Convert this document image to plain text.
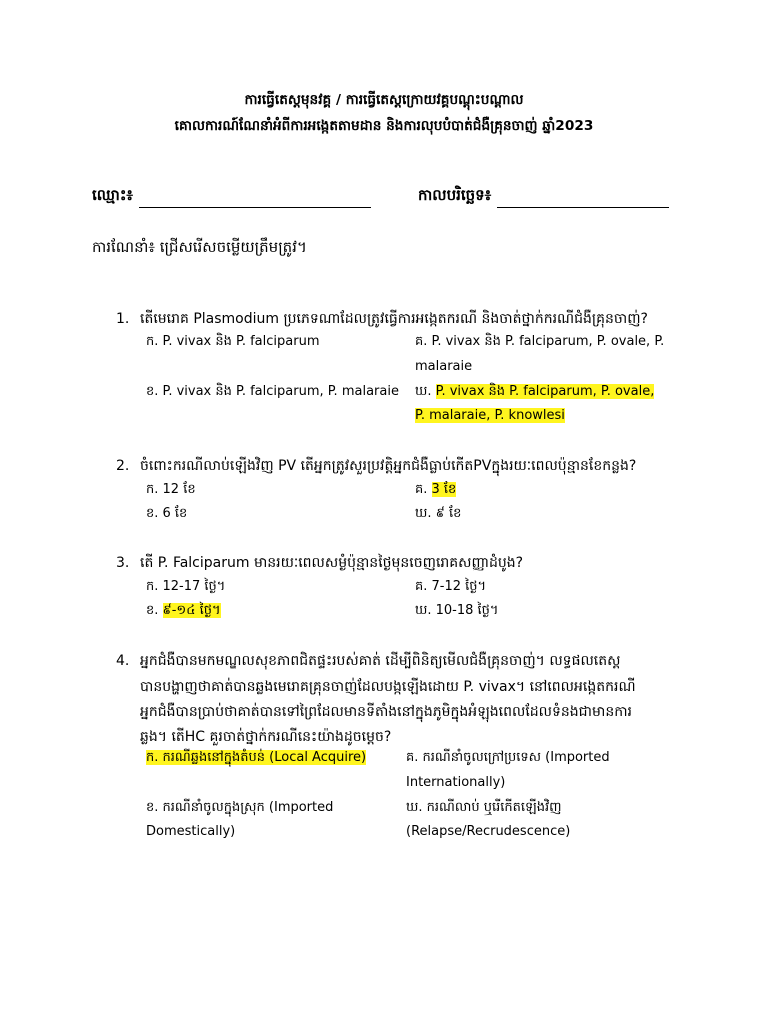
ការធ្វើតេស្តមុនវគ្គ / ការធ្វើតេស្តក្រោយវគ្គបណ្តុះបណ្តាល
គោលការណ៍ណែនាំអំពីការអង្កេតតាមដាន និងការលុបបំបាត់ជំងឺគ្រុនចាញ់ ឆ្នាំ2023
ឈ្មោះ៖	កាលបរិច្ឆេទ៖
ការណែនាំ៖ ជ្រើសរើសចម្លើយត្រឹមត្រូវ។
1. តើមេរោគ Plasmodium ប្រភេទណាដែលត្រូវធ្វើការអង្កេតករណី និងចាត់ថ្នាក់ករណីជំងឺគ្រុនចាញ់?
ក. P. vivax និង P. falciparum	គ. P. vivax និង P. falciparum, P. ovale, P.
malaraie
ខ. P. vivax និង P. falciparum, P. malaraie ឃ. P. vivax និង P. falciparum, P. ovale,
P. malaraie, P. knowlesi
2. ចំពោះករណីលាប់ឡើងវិញ PV តើអ្នកត្រូវសួរប្រវត្តិអ្នកជំងឺធ្លាប់កើតPVក្នុងរយៈពេលប៉ុន្មានខែកន្លង?
ក. 12 ខែ	គ. 3 ខែ
ខ. 6 ខែ	ឃ. ៩ ខែ
3. តើ P. Falciparum មានរយៈពេលសម្ងំប៉ុន្មានថ្ងៃមុនចេញរោគសញ្ញាដំបូង?
ក. 12-17 ថ្ងៃ។	គ. 7-12 ថ្ងៃ។
ខ. ៩-១៤ ថ្ងៃ។	ឃ. 10-18 ថ្ងៃ។
4. អ្នកជំងឺបានមកមណ្ឌលសុខភាពជិតផ្ទះរបស់គាត់ ដើម្បីពិនិត្យមើលជំងឺគ្រុនចាញ់។ លទ្ធផលតេស្ត
បានបង្ហាញថាគាត់បានឆ្លងមេរោគគ្រុនចាញ់ដែលបង្កឡើងដោយ P. vivax។ នៅពេលអង្កេតករណី
អ្នកជំងឺបានប្រាប់ថាគាត់បានទៅព្រៃដែលមានទីតាំងនៅក្នុងភូមិក្នុងអំឡុងពេលដែលទំនងជាមានការ
ឆ្លង។ តើHC គួរចាត់ថ្នាក់ករណីនេះយ៉ាងដូចម្តេច?
ក. ករណីឆ្លងនៅក្នុងតំបន់ (Local Acquire)	គ. ករណីនាំចូលក្រៅប្រទេស (Imported
Internationally)
ខ. ករណីនាំចូលក្នុងស្រុក (Imported	ឃ. ករណីលាប់ ឬរើកើតឡើងវិញ
Domestically)	(Relapse/Recrudescence)
